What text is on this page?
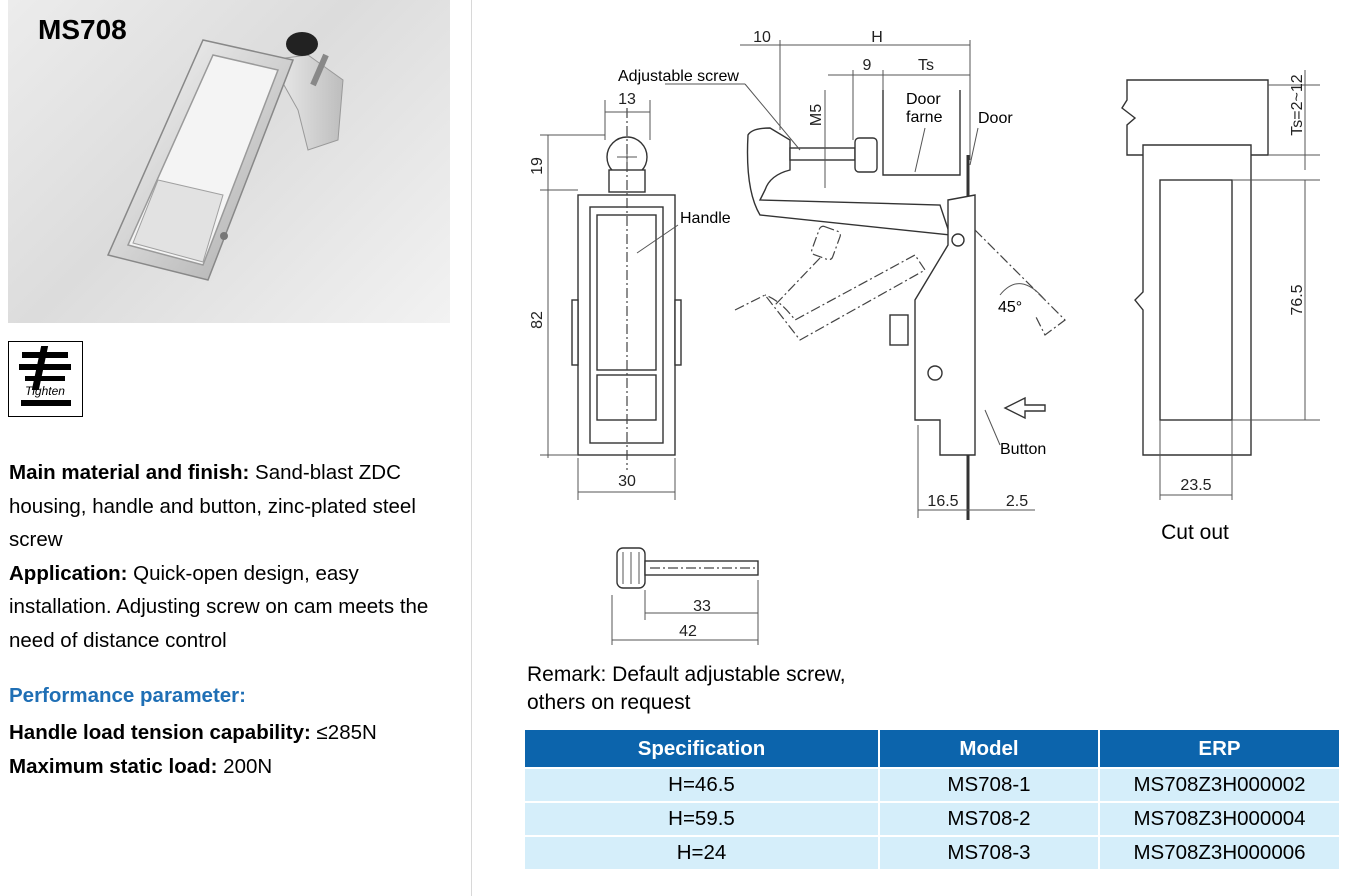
MS708
Tighten
Main material and finish: Sand-blast ZDC housing, handle and button, zinc-plated steel screw
Application: Quick-open design, easy installation. Adjusting screw on cam meets the need of distance control
Performance parameter:
Handle load tension capability: ≤285N
Maximum static load: 200N
13
19
82
30
Handle
45°
10	H
9	Ts
M5
Adjustable screw
Door
farne Door
Button
16.5	2.5
Ts=2~12
76.5
23.5
Cut out
33
42
Remark: Default adjustable screw, others on request
Specification	Model	ERP
H=46.5	MS708-1	MS708Z3H000002
H=59.5	MS708-2	MS708Z3H000004
H=24	MS708-3	MS708Z3H000006
